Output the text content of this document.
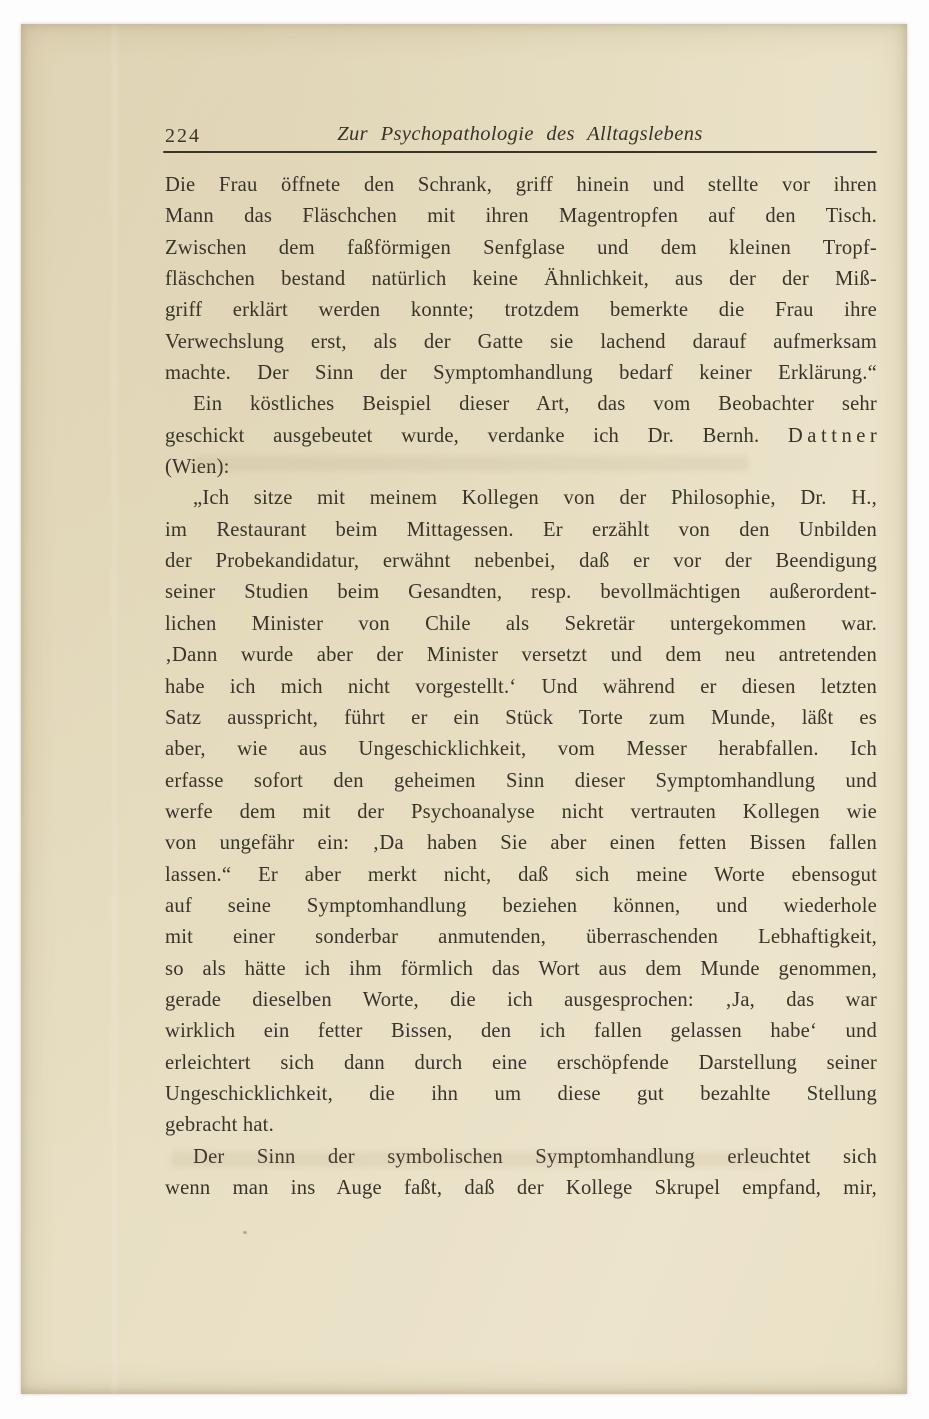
224	Zur Psychopathologie des Alltagslebens
Die Frau öffnete den Schrank, griff hinein und stellte vor ihren
Mann das Fläschchen mit ihren Magentropfen auf den Tisch.
Zwischen dem faßförmigen Senfglase und dem kleinen Tropf-
fläschchen bestand natürlich keine Ähnlichkeit, aus der der Miß-
griff erklärt werden konnte; trotzdem bemerkte die Frau ihre
Verwechslung erst, als der Gatte sie lachend darauf aufmerksam
machte. Der Sinn der Symptomhandlung bedarf keiner Erklärung.“
Ein köstliches Beispiel dieser Art, das vom Beobachter sehr
geschickt ausgebeutet wurde, verdanke ich Dr. Bernh. D a t t n e r
(Wien):
„Ich sitze mit meinem Kollegen von der Philosophie, Dr. H.,
im Restaurant beim Mittagessen. Er erzählt von den Unbilden
der Probekandidatur, erwähnt nebenbei, daß er vor der Beendigung
seiner Studien beim Gesandten, resp. bevollmächtigen außerordent-
lichen Minister von Chile als Sekretär untergekommen war.
‚Dann wurde aber der Minister versetzt und dem neu antretenden
habe ich mich nicht vorgestellt.‘ Und während er diesen letzten
Satz ausspricht, führt er ein Stück Torte zum Munde, läßt es
aber, wie aus Ungeschicklichkeit, vom Messer herabfallen. Ich
erfasse sofort den geheimen Sinn dieser Symptomhandlung und
werfe dem mit der Psychoanalyse nicht vertrauten Kollegen wie
von ungefähr ein: ‚Da haben Sie aber einen fetten Bissen fallen
lassen.“ Er aber merkt nicht, daß sich meine Worte ebensogut
auf seine Symptomhandlung beziehen können, und wiederhole
mit einer sonderbar anmutenden, überraschenden Lebhaftigkeit,
so als hätte ich ihm förmlich das Wort aus dem Munde genommen,
gerade dieselben Worte, die ich ausgesprochen: ‚Ja, das war
wirklich ein fetter Bissen, den ich fallen gelassen habe‘ und
erleichtert sich dann durch eine erschöpfende Darstellung seiner
Ungeschicklichkeit, die ihn um diese gut bezahlte Stellung
gebracht hat.
Der Sinn der symbolischen Symptomhandlung erleuchtet sich
wenn man ins Auge faßt, daß der Kollege Skrupel empfand, mir,
